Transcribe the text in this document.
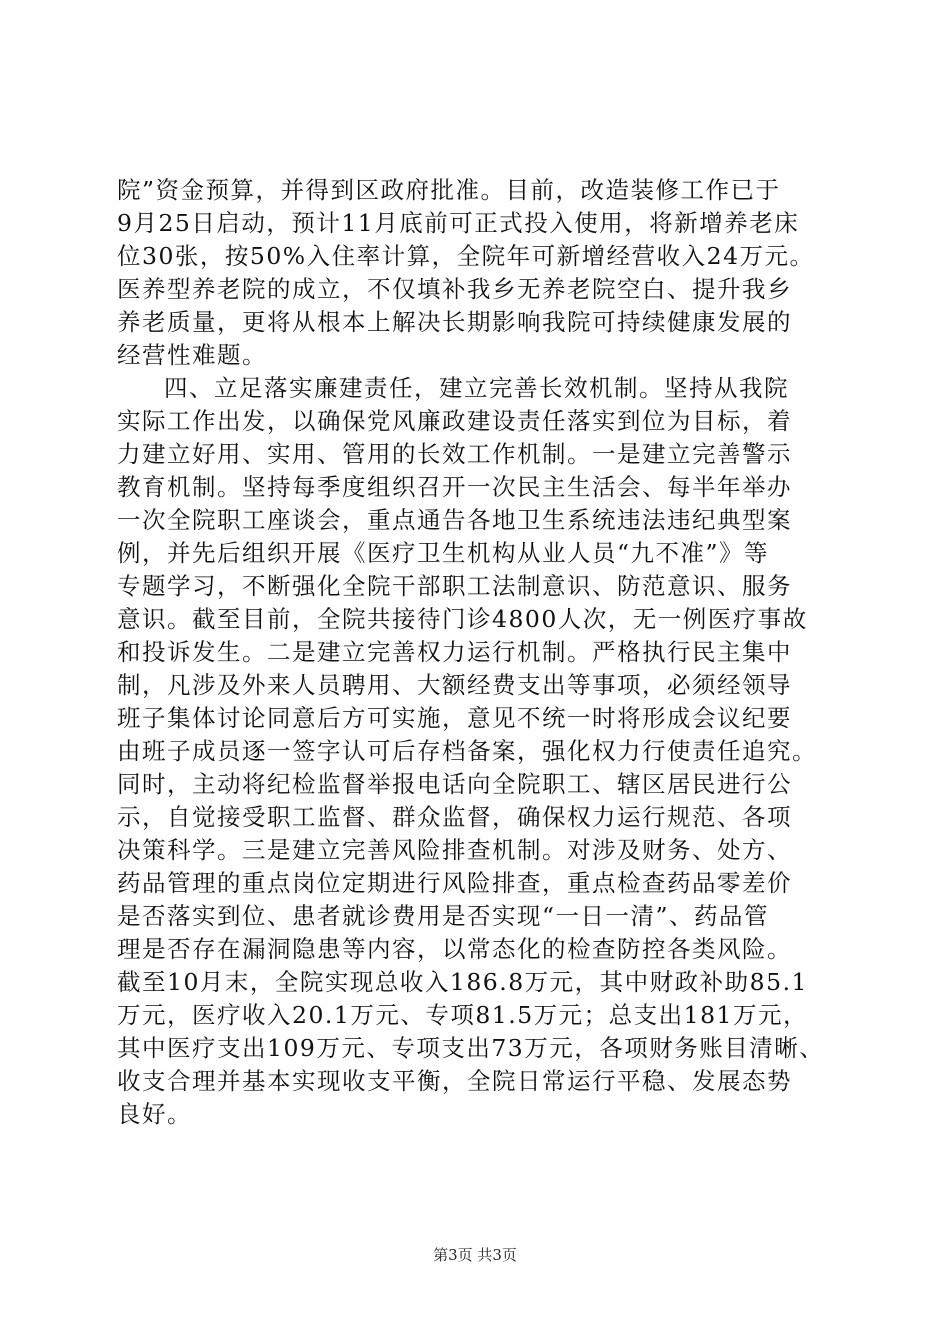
院”资金预算，并得到区政府批准。目前，改造装修工作已于
9月25日启动，预计11月底前可正式投入使用，将新增养老床
位30张，按50%入住率计算，全院年可新增经营收入24万元。
医养型养老院的成立，不仅填补我乡无养老院空白、提升我乡
养老质量，更将从根本上解决长期影响我院可持续健康发展的
经营性难题。
四、立足落实廉建责任，建立完善长效机制。坚持从我院
实际工作出发，以确保党风廉政建设责任落实到位为目标，着
力建立好用、实用、管用的长效工作机制。一是建立完善警示
教育机制。坚持每季度组织召开一次民主生活会、每半年举办
一次全院职工座谈会，重点通告各地卫生系统违法违纪典型案
例，并先后组织开展《医疗卫生机构从业人员“九不准”》等
专题学习，不断强化全院干部职工法制意识、防范意识、服务
意识。截至目前，全院共接待门诊4800人次，无一例医疗事故
和投诉发生。二是建立完善权力运行机制。严格执行民主集中
制，凡涉及外来人员聘用、大额经费支出等事项，必须经领导
班子集体讨论同意后方可实施，意见不统一时将形成会议纪要
由班子成员逐一签字认可后存档备案，强化权力行使责任追究。
同时，主动将纪检监督举报电话向全院职工、辖区居民进行公
示，自觉接受职工监督、群众监督，确保权力运行规范、各项
决策科学。三是建立完善风险排查机制。对涉及财务、处方、
药品管理的重点岗位定期进行风险排查，重点检查药品零差价
是否落实到位、患者就诊费用是否实现“一日一清”、药品管
理是否存在漏洞隐患等内容，以常态化的检查防控各类风险。
截至10月末，全院实现总收入186.8万元，其中财政补助85.1
万元，医疗收入20.1万元、专项81.5万元；总支出181万元，
其中医疗支出109万元、专项支出73万元，各项财务账目清晰、
收支合理并基本实现收支平衡，全院日常运行平稳、发展态势
良好。
第3页 共3页
